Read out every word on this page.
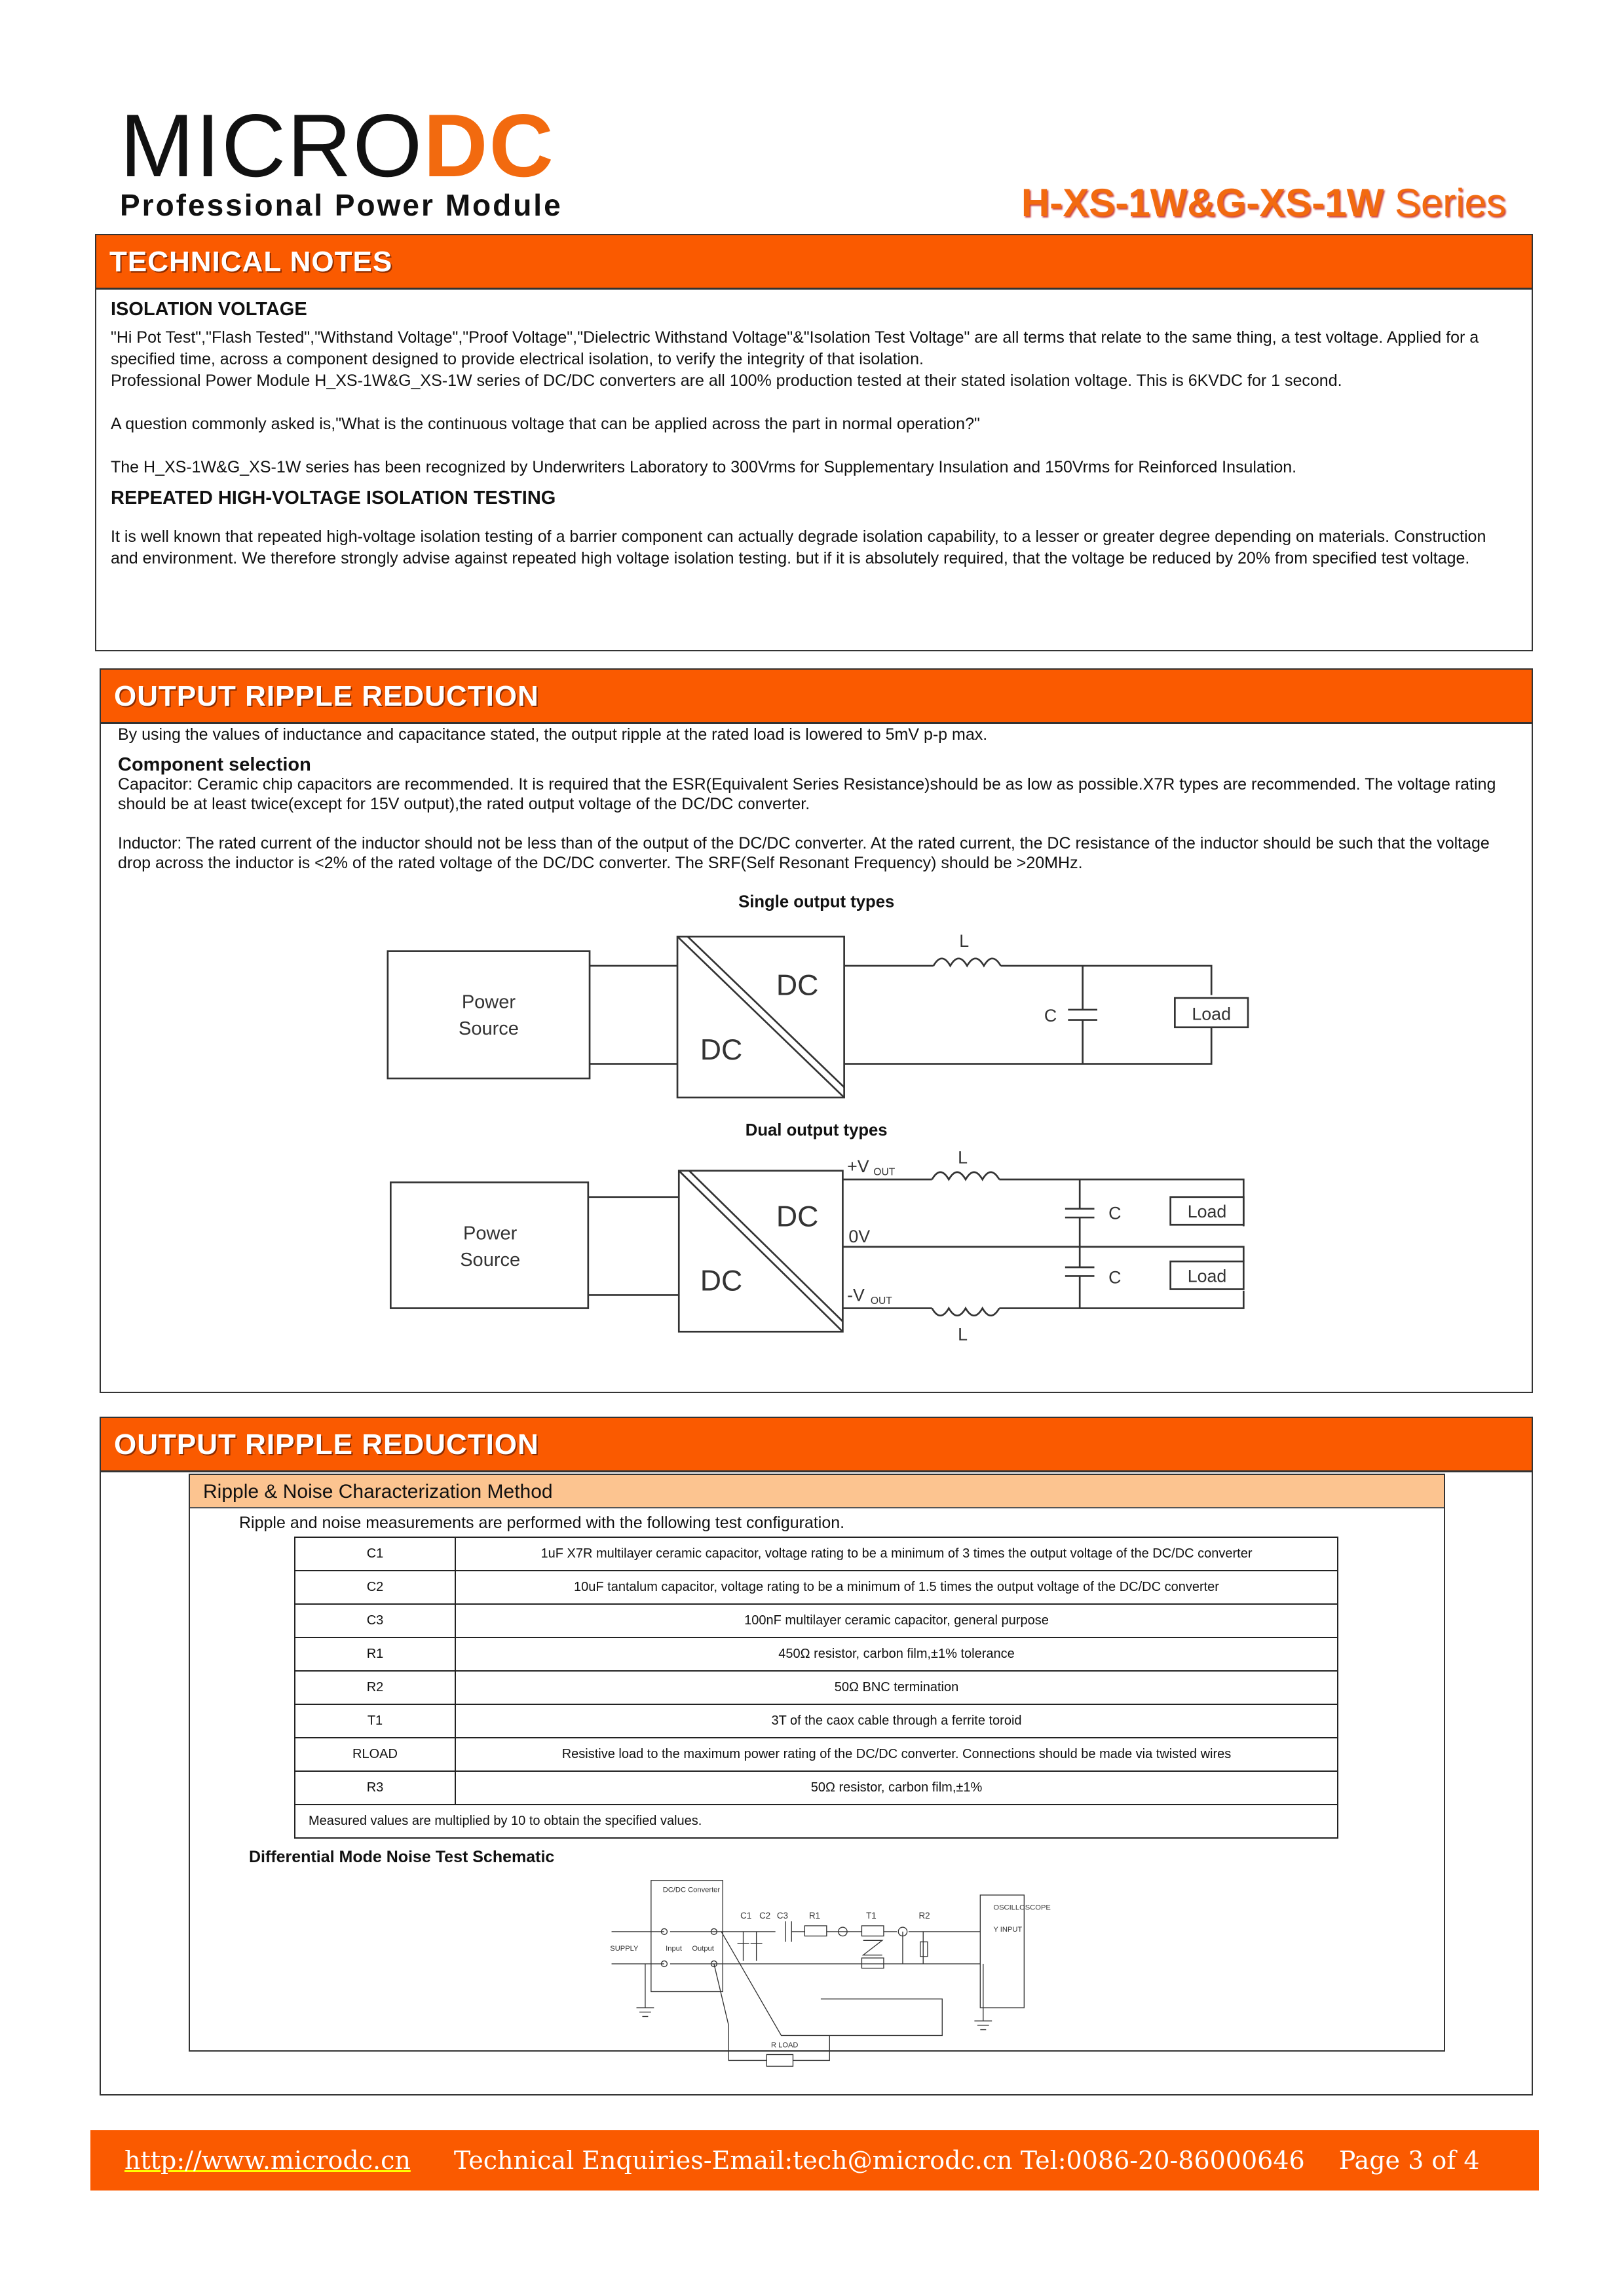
MICRODC
Professional Power Module	H-XS-1W&G-XS-1W Series
TECHNICAL NOTES
ISOLATION VOLTAGE

"Hi Pot Test","Flash Tested","Withstand Voltage","Proof Voltage","Dielectric Withstand Voltage"&"Isolation Test Voltage" are all terms that relate to the same thing, a test voltage. Applied for a specified time, across a component designed to provide electrical isolation, to verify the integrity of that isolation.

Professional Power Module H_XS-1W&G_XS-1W series of DC/DC converters are all 100% production tested at their stated isolation voltage. This is 6KVDC for 1 second.

A question commonly asked is,"What is the continuous voltage that can be applied across the part in normal operation?"

The H_XS-1W&G_XS-1W series has been recognized by Underwriters Laboratory to 300Vrms for Supplementary Insulation and 150Vrms for Reinforced Insulation.

REPEATED HIGH-VOLTAGE ISOLATION TESTING

It is well known that repeated high-voltage isolation testing of a barrier component can actually degrade isolation capability, to a lesser or greater degree depending on materials. Construction and environment. We therefore strongly advise against repeated high voltage isolation testing. but if it is absolutely required, that the voltage be reduced by 20% from specified test voltage.

OUTPUT RIPPLE REDUCTION

By using the values of inductance and capacitance stated, the output ripple at the rated load is lowered to 5mV p-p max.

Component selection

Capacitor: Ceramic chip capacitors are recommended. It is required that the ESR(Equivalent Series Resistance)should be as low as possible.X7R types are recommended. The voltage rating should be at least twice(except for 15V output),the rated output voltage of the DC/DC converter.

Inductor: The rated current of the inductor should not be less than of the output of the DC/DC converter. At the rated current, the DC resistance of the inductor should be such that the voltage drop across the inductor is <2% of the rated voltage of the DC/DC converter. The SRF(Self Resonant Frequency) should be >20MHz.

OUTPUT RIPPLE REDUCTION
Ripple & Noise Characterization Method
Ripple and noise measurements are performed with the following test configuration.
C1	1uF X7R multilayer ceramic capacitor, voltage rating to be a minimum of 3 times the output voltage of the DC/DC converter
C2	10uF tantalum capacitor, voltage rating to be a minimum of 1.5 times the output voltage of the DC/DC converter
C3	100nF multilayer ceramic capacitor, general purpose
R1	450Ω resistor, carbon film,±1% tolerance
R2	50Ω BNC termination
T1	3T of the caox cable through a ferrite toroid
RLOAD	Resistive load to the maximum power rating of the DC/DC converter. Connections should be made via twisted wires
R3	50Ω resistor, carbon film,±1%
Measured values are multiplied by 10 to obtain the specified values.	
Differential Mode Noise Test Schematic
Single output types
Power
Source
DC
DC
L
C	Load
Dual output types
Power
Source
DC
DC
+V OUT
0V
-V OUT
L
L
C
C
Load
Load
DC/DC Converter
SUPPLY	Input	Output
OSCILLOSCOPE
Y INPUT
R LOAD
C1 C2 C3	R1	T1	R2
http://www.microdc.cn Technical Enquiries-Email:tech@microdc.cn Tel:0086-20-86000646 Page 3 of 4
